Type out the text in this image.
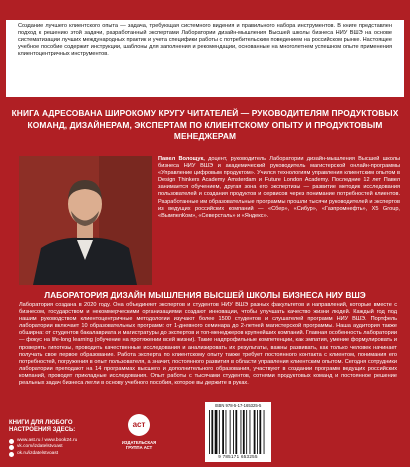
Создание лучшего клиентского опыта — задача, требующая системного видения и правильного набора инструментов. В книге представлен подход к решению этой задачи, разработанный экспертами Лаборатории дизайн-мышления Высшей школы бизнеса НИУ ВШЭ на основе систематизации лучших международных практик и учета специфики работы с потребительским поведением на российском рынке. Настоящее учебное пособие содержит инструкции, шаблоны для заполнения и рекомендации, основанные на многолетнем успешном опыте применения клиентоцентричных инструментов.
КНИГА АДРЕСОВАНА ШИРОКОМУ КРУГУ ЧИТАТЕЛЕЙ — РУКОВОДИТЕЛЯМ ПРОДУКТОВЫХ КОМАНД, ДИЗАЙНЕРАМ, ЭКСПЕРТАМ ПО КЛИЕНТСКОМУ ОПЫТУ И ПРОДУКТОВЫМ МЕНЕДЖЕРАМ
Павел Волощук, доцент, руководитель Лаборатории дизайн-мышления Высшей школы бизнеса НИУ ВШЭ и академический руководитель магистерской онлайн-программы «Управление цифровым продуктом». Учился технологиям управления клиентским опытом в Design Thinkers Academy Amsterdam и Future London Academy. Последние 12 лет Павел занимается обучением, другая зона его экспертизы — развитие методик исследования пользователей и создания продуктов и сервисов через понимание потребностей клиентов. Разработанные им образовательные программы прошли тысячи руководителей и экспертов из ведущих российских компаний — «Сбер», «Сибур», «Газпромнефть», X5 Group, «ВымпелКом», «Северсталь» и «Яндекс».
ЛАБОРАТОРИЯ ДИЗАЙН МЫШЛЕНИЯ ВЫСШЕЙ ШКОЛЫ БИЗНЕСА НИУ ВШЭ
Лаборатория создана в 2020 году. Она объединяет экспертов и студентов НИУ ВШЭ разных факультетов и направлений, которые вместе с бизнесом, государством и некоммерческими организациями создают инновации, чтобы улучшать качество жизни людей. Каждый год под нашим руководством клиентоцентричные методологии изучают более 1500 студентов и слушателей программ НИУ ВШЭ. Портфель лаборатории включает 10 образовательных программ: от 1-дневного семинара до 2-летней магистерской программы. Наша аудитория также обширна: от студентов бакалавриата и магистратуры до экспертов и топ-менеджеров крупнейших компаний. Главная особенность лаборатории — фокус на life-long learning (обучение на протяжении всей жизни). Такие надпрофильные компетенции, как эмпатия, умение формулировать и проверять гипотезы, проводить качественные исследования и анализировать их результаты, важны развивать, как только человек начинает получать свое первое образование. Работа эксперта по клиентскому опыту также требует постоянного контакта с клиентом, понимания его потребностей, погружения в опыт пользователя, а значит, постоянного развития в области управления клиентским опытом. Сегодня сотрудники лаборатории преподают на 14 программах высшего и дополнительного образования, участвуют в создании программ ведущих российских компаний, проводят прикладные исследования. Опыт работы с тысячами студентов, сотнями продуктовых команд и постоянное решение реальных задач бизнеса легли в основу учебного пособия, которое вы держите в руках.
КНИГИ ДЛЯ ЛЮБОГО
НАСТРОЕНИЯ ЗДЕСЬ:
www.ast.ru / www.book24.ru
vk.com/izdatelstvoast
ok.ru/izdatelstvoast
acт
ИЗДАТЕЛЬСКАЯ
ГРУППА АСТ
ISBN 978-5-17-165325-5
9 785171 653255
